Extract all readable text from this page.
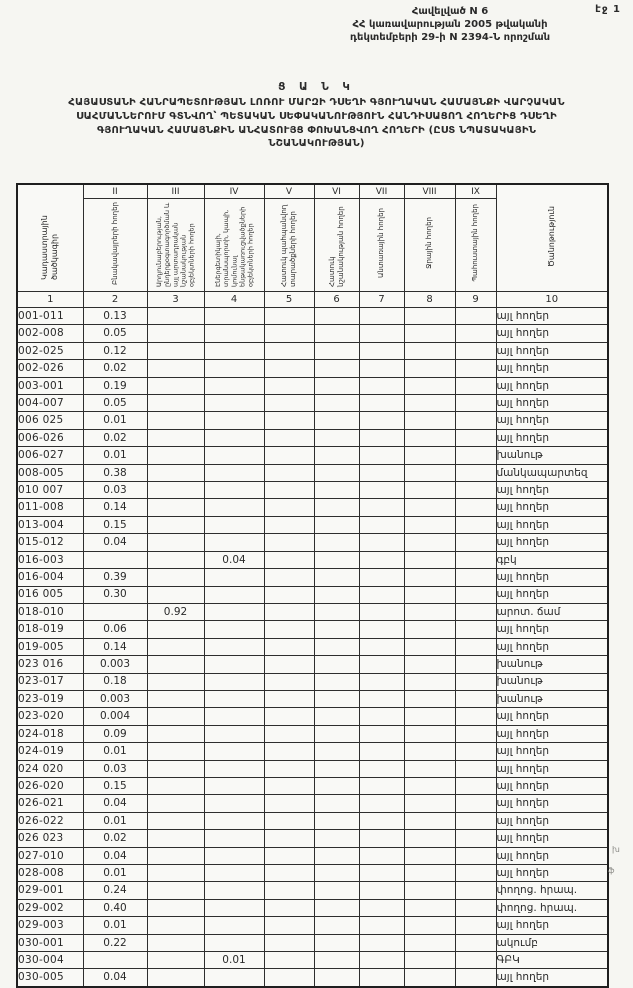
էջ 1
Հավելված N 6
ՀՀ կառավարության 2005 թվականի
դեկտեմբերի 29-ի N 2394-Ն որոշման
Ց Ա Ն Կ
ՀԱՅԱՍՏԱՆԻ ՀԱՆՐԱՊԵՏՈՒԹՅԱՆ ԼՈՌՈՒ ՄԱՐԶԻ ԴՍԵՂԻ ԳՅՈՒՂԱԿԱՆ ՀԱՄԱՅՆՔԻ ՎԱՐՉԱԿԱՆ
ՍԱՀՄԱՆՆԵՐՈՒՄ ԳՏՆՎՈՂ՝ ՊԵՏԱԿԱՆ ՍԵՓԱԿԱՆՈՒԹՅՈՒՆ ՀԱՆԴԻՍԱՑՈՂ ՀՈՂԵՐԻՑ ԴՍԵՂԻ
ԳՅՈՒՂԱԿԱՆ ՀԱՄԱՅՆՔԻՆ ԱՆՀԱՏՈՒՅՑ ՓՈԽԱՆՑՎՈՂ ՀՈՂԵՐԻ (ԸՍՏ ՆՊԱՏԱԿԱՅԻՆ
ՆՇԱՆԱԿՈՒԹՅԱՆ)
Կադաստրային ծածկագիր	II	III	IV	V	VI	VII	VIII	IX	Ծանոթություն
	Բնակավայրերի հողեր	Արդյունաբերության, ընդերքօգտագործման և այլ արտադրական նշանակության օբյեկտների հողեր	Էներգետիկայի, տրանսպորտի, կապի, կոմունալ ենթակառուցվածքների օբյեկտների հողեր	Հատուկ պահպանվող տարածքների հողեր	Հատուկ նշանակության հողեր	Անտառային հողեր	Ջրային հողեր	Պահուստային հողեր	
1	2	3	4	5	6	7	8	9	10
001-011	0.13								այլ հողեր
002-008	0.05								այլ հողեր
002-025	0.12								այլ հողեր
002-026	0.02								այլ հողեր
003-001	0.19								այլ հողեր
004-007	0.05								այլ հողեր
006 025	0.01								այլ հողեր
006-026	0.02								այլ հողեր
006-027	0.01								խանութ
008-005	0.38								մանկապարտեզ
010 007	0.03								այլ հողեր
011-008	0.14								այլ հողեր
013-004	0.15								այլ հողեր
015-012	0.04								այլ հողեր
016-003			0.04						գբկ
016-004	0.39								այլ հողեր
016 005	0.30								այլ հողեր
018-010		0.92							արոտ. ճամ
018-019	0.06								այլ հողեր
019-005	0.14								այլ հողեր
023 016	0.003								խանութ
023-017	0.18								խանութ
023-019	0.003								խանութ
023-020	0.004								այլ հողեր
024-018	0.09								այլ հողեր
024-019	0.01								այլ հողեր
024 020	0.03								այլ հողեր
026-020	0.15								այլ հողեր
026-021	0.04								այլ հողեր
026-022	0.01								այլ հողեր
026 023	0.02								այլ հողեր
027-010	0.04								այլ հողեր
028-008	0.01								այլ հողեր
029-001	0.24								փողոց. հրապ.
029-002	0.40								փողոց. հրապ.
029-003	0.01								այլ հողեր
030-001	0.22								ակումբ
030-004			0.01						ԳԲԿ
030-005	0.04								այլ հողեր
խ
ֆ
